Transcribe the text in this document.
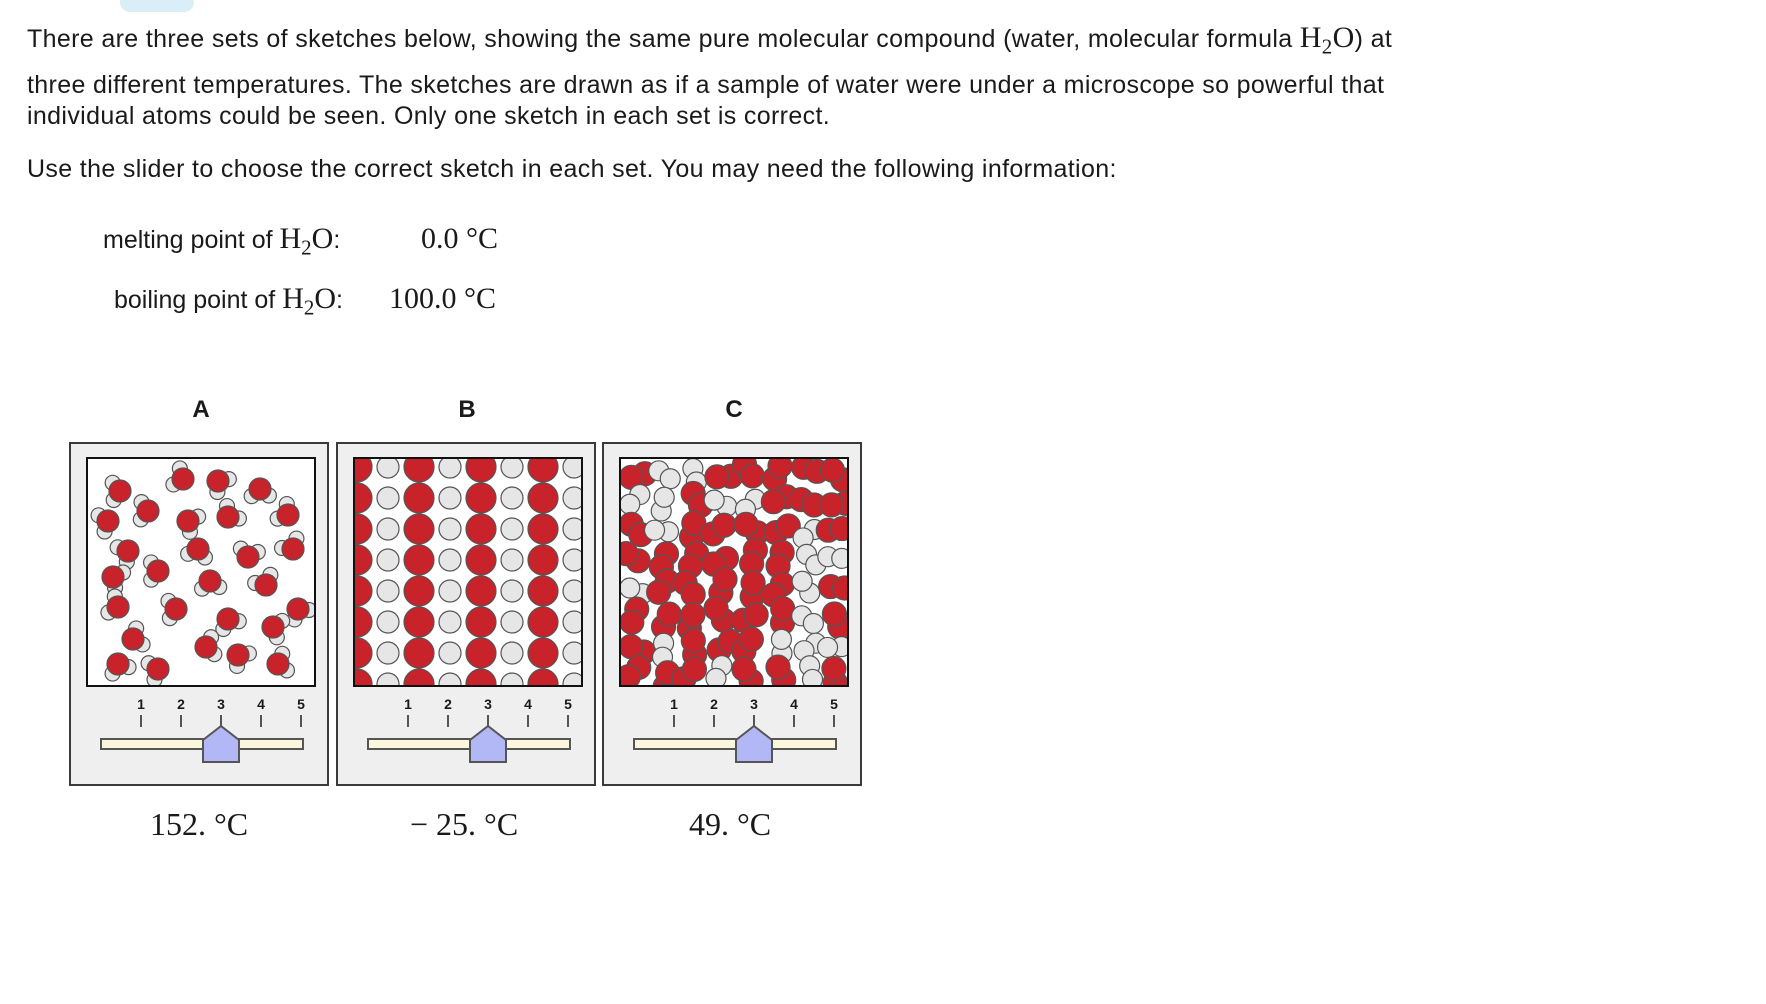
There are three sets of sketches below, showing the same pure molecular compound (water, molecular formula $H_2O$) at
three different temperatures. The sketches are drawn as if a sample of water were under a microscope so powerful that
individual atoms could be seen. Only one sketch in each set is correct.
Use the slider to choose the correct sketch in each set. You may need the following information:
melting point of $H_2O$:	0.0 °C
boiling point of $H_2O$: 100.0 °C
A	B	C
1	2	3	4	5	1	2	3	4	5	1	2	3	4	5
152. °C	− 25. °C	49. °C
